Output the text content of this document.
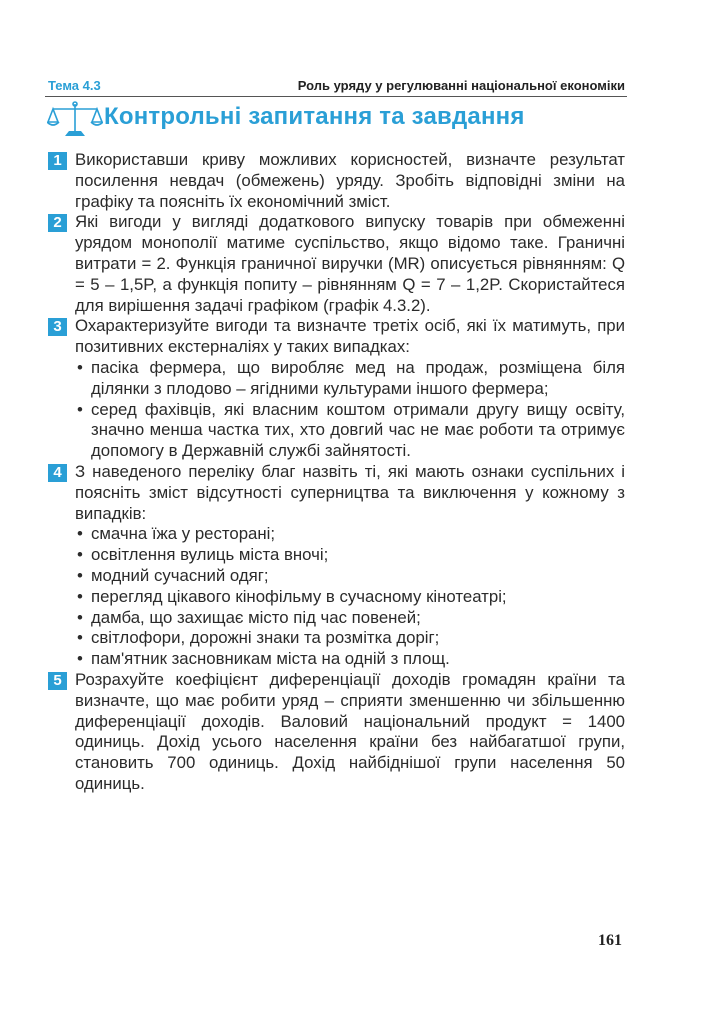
Тема 4.3	Роль уряду у регулюванні національної економіки
Контрольні запитання та завдання
1 Використавши криву можливих корисностей, визначте результат посилення невдач (обмежень) уряду. Зробіть відповідні зміни на графіку та поясніть їх економічний зміст.
2 Які вигоди у вигляді додаткового випуску товарів при обмеженні урядом монополії матиме суспільство, якщо відомо таке. Граничні витрати = 2. Функція граничної виручки (MR) описується рівнянням: Q = 5 – 1,5P, а функція попиту – рівнянням Q = 7 – 1,2P. Скористайтеся для вирішення задачі графіком (графік 4.3.2).
3 Охарактеризуйте вигоди та визначте третіх осіб, які їх матимуть, при позитивних екстерналіях у таких випадках:
• пасіка фермера, що виробляє мед на продаж, розміщена біля ділянки з плодово – ягідними культурами іншого фермера;
• серед фахівців, які власним коштом отримали другу вищу освіту, значно менша частка тих, хто довгий час не має роботи та отримує допомогу в Державній службі зайнятості.
4 З наведеного переліку благ назвіть ті, які мають ознаки суспільних і поясніть зміст відсутності суперництва та виключення у кожному з випадків:
• смачна їжа у ресторані;
• освітлення вулиць міста вночі;
• модний сучасний одяг;
• перегляд цікавого кінофільму в сучасному кінотеатрі;
• дамба, що захищає місто під час повеней;
• світлофори, дорожні знаки та розмітка доріг;
• пам'ятник засновникам міста на одній з площ.
5 Розрахуйте коефіцієнт диференціації доходів громадян країни та визначте, що має робити уряд – сприяти зменшенню чи збільшенню диференціації доходів. Валовий національний продукт = 1400 одиниць. Дохід усього населення країни без найбагатшої групи, становить 700 одиниць. Дохід найбіднішої групи населення 50 одиниць.
161
